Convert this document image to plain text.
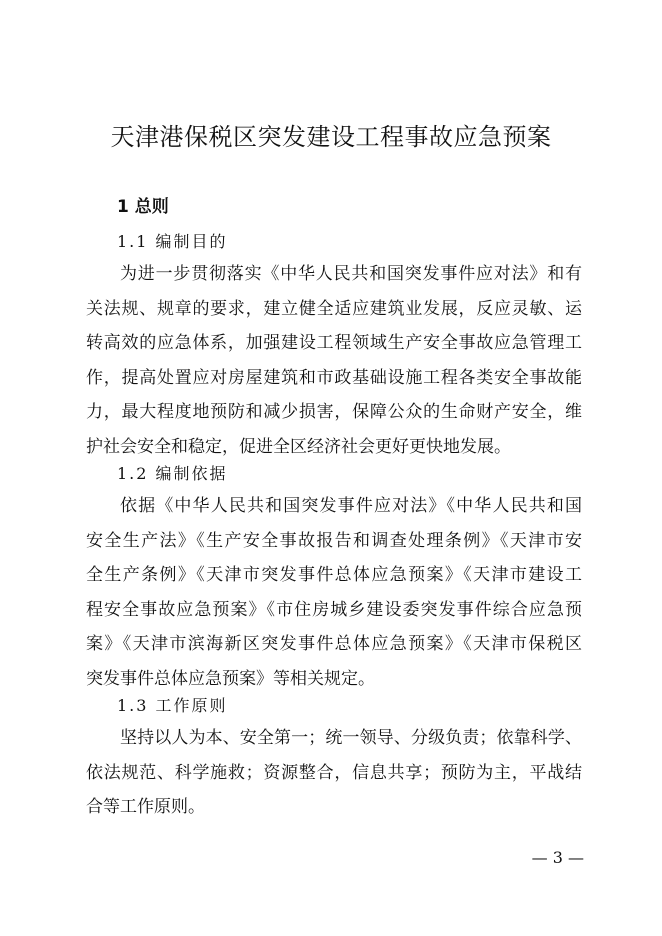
天津港保税区突发建设工程事故应急预案
1 总则
1.1 编制目的
为进一步贯彻落实《中华人民共和国突发事件应对法》和有
关法规、规章的要求，建立健全适应建筑业发展，反应灵敏、运
转高效的应急体系，加强建设工程领域生产安全事故应急管理工
作，提高处置应对房屋建筑和市政基础设施工程各类安全事故能
力，最大程度地预防和减少损害，保障公众的生命财产安全，维
护社会安全和稳定，促进全区经济社会更好更快地发展。
1.2 编制依据
依据《中华人民共和国突发事件应对法》《中华人民共和国
安全生产法》《生产安全事故报告和调查处理条例》《天津市安
全生产条例》《天津市突发事件总体应急预案》《天津市建设工
程安全事故应急预案》《市住房城乡建设委突发事件综合应急预
案》《天津市滨海新区突发事件总体应急预案》《天津市保税区
突发事件总体应急预案》等相关规定。
1.3 工作原则
坚持以人为本、安全第一；统一领导、分级负责；依靠科学、
依法规范、科学施救；资源整合，信息共享；预防为主，平战结
合等工作原则。
— 3 —
